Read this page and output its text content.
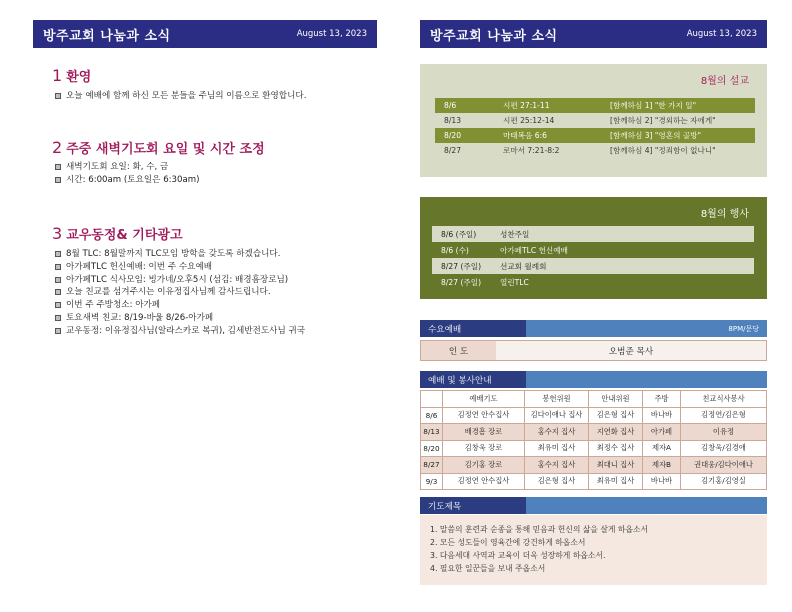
방주교회 나눔과 소식	August 13, 2023
1 환영
오늘 예배에 함께 하신 모든 분들을 주님의 이름으로 환영합니다.
2 주중 새벽기도회 요일 및 시간 조정
새벽기도회 요일: 화, 수, 금
시간: 6:00am (토요일은 6:30am)
3 교우동정& 기타광고
8월 TLC: 8월말까지 TLC모임 방학을 갖도록 하겠습니다.
아가페TLC 헌신예배: 이번 주 수요예배
아가페TLC 식사모임: 빙가네/오후5시 (섬김: 배경흠장로님)
오늘 친교를 섬겨주시는 이유정집사님께 감사드립니다.
이번 주 주방청소: 아가페
토요새벽 친교: 8/19-바울 8/26-아가페
교우동정: 이유정집사님(알라스카로 복귀), 김세반전도사님 귀국
방주교회 나눔과 소식	August 13, 2023
8월의 설교
8/6	시편 27:1-11	[함께하심 1] "한 가지 일"
8/13	시편 25:12-14	[함께하심 2] "경외하는 자에게"
8/20	마태복음 6:6	[함께하심 3] "영혼의 골방"
8/27	로마서 7:21-8:2	[함께하심 4] "정죄함이 없나니"
8월의 행사
8/6 (주일)	성찬주일
8/6 (수)	아가페TLC 헌신예배
8/27 (주일)	선교회 월례회
8/27 (주일)	열린TLC
수요예배	8PM/문당
인 도	오범준 목사
예배 및 봉사안내
	예배기도	봉헌위원	안내위원	주방	친교식사봉사
8/6	김정연 안수집사	김다이애나 집사	김은형 집사	바나바	김정연/김은형
8/13	배경흠 장로	홍수지 집사	지연화 집사	아가페	이유정
8/20	김창욱 장로	최유미 집사	최정수 집사	제자A	김창욱/김경애
8/27	김기홍 장로	홍수지 집사	최대니 집사	제자B	권대웅/김다이애나
9/3	김정연 안수집사	김은형 집사	최유미 집사	바나바	김기홍/김영실
기도제목
1. 말씀의 훈련과 순종을 통해 믿음과 헌신의 삶을 살게 하옵소서
2. 모든 성도들이 영육간에 강건하게 하옵소서
3. 다음세대 사역과 교육이 더욱 성장하게 하옵소서.
4. 필요한 일꾼들을 보내 주옵소서
